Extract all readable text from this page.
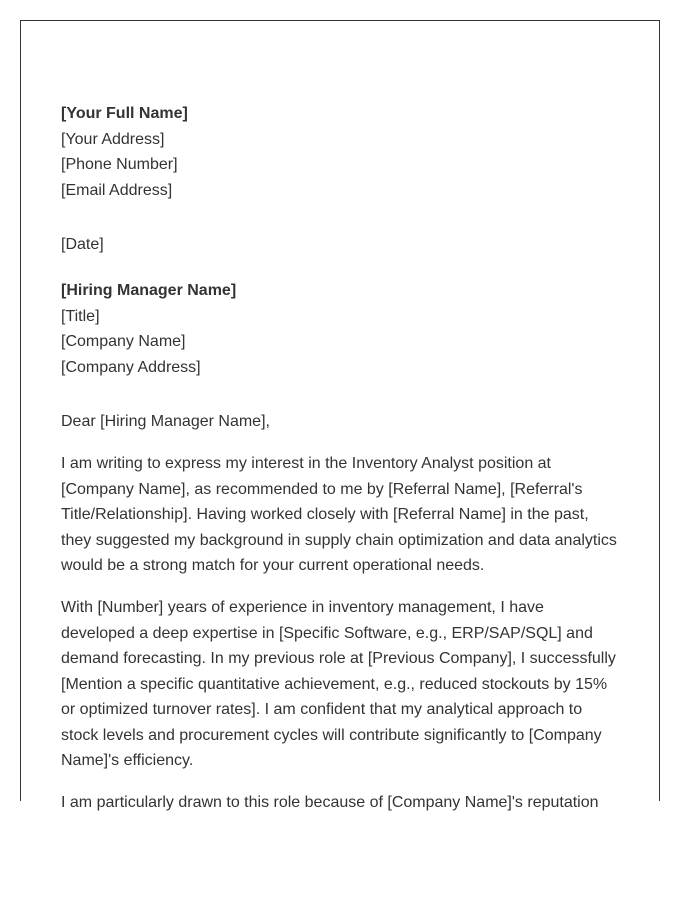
[Your Full Name]
[Your Address]
[Phone Number]
[Email Address]
[Date]
[Hiring Manager Name]
[Title]
[Company Name]
[Company Address]
Dear [Hiring Manager Name],

I am writing to express my interest in the Inventory Analyst position at [Company Name], as recommended to me by [Referral Name], [Referral's Title/Relationship]. Having worked closely with [Referral Name] in the past, they suggested my background in supply chain optimization and data analytics would be a strong match for your current operational needs.

With [Number] years of experience in inventory management, I have developed a deep expertise in [Specific Software, e.g., ERP/SAP/SQL] and demand forecasting. In my previous role at [Previous Company], I successfully [Mention a specific quantitative achievement, e.g., reduced stockouts by 15% or optimized turnover rates]. I am confident that my analytical approach to stock levels and procurement cycles will contribute significantly to [Company Name]'s efficiency.

I am particularly drawn to this role because of [Company Name]'s reputation
